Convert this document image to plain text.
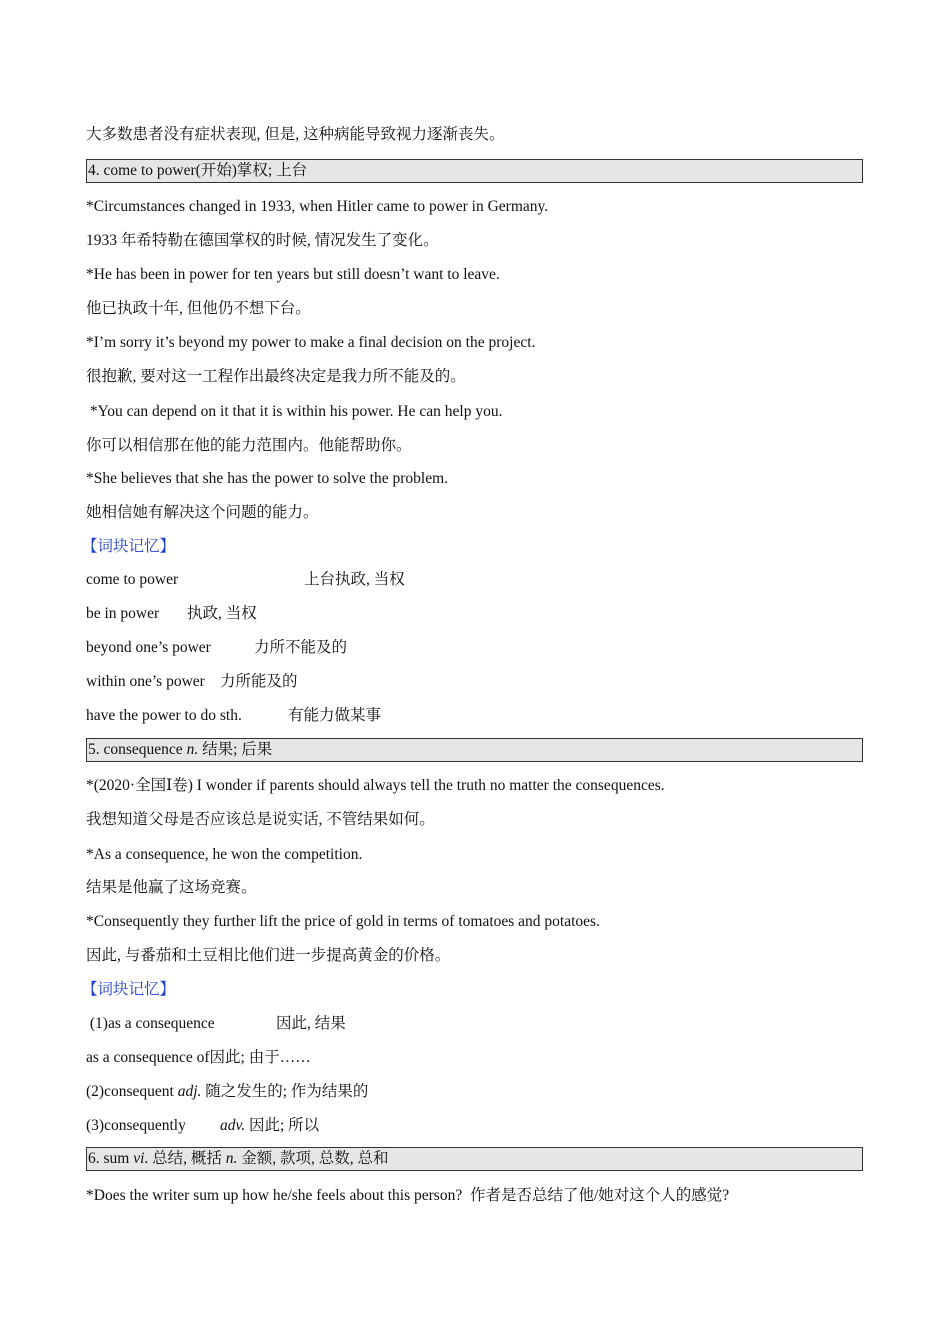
大多数患者没有症状表现, 但是, 这种病能导致视力逐渐丧失。
4. come to power(开始)掌权; 上台
*Circumstances changed in 1933, when Hitler came to power in Germany.
1933 年希特勒在德国掌权的时候, 情况发生了变化。
*He has been in power for ten years but still doesn’t want to leave.
他已执政十年, 但他仍不想下台。
*I’m sorry it’s beyond my power to make a final decision on the project.
很抱歉, 要对这一工程作出最终决定是我力所不能及的。
*You can depend on it that it is within his power. He can help you.
你可以相信那在他的能力范围内。他能帮助你。
*She believes that she has the power to solve the problem.
她相信她有解决这个问题的能力。
【词块记忆】
come to power	上台执政, 当权
be in power 执政, 当权
beyond one’s power	力所不能及的
within one’s power 力所能及的
have the power to do sth.	有能力做某事
5. consequence n. 结果; 后果
*(2020·全国Ⅰ卷) I wonder if parents should always tell the truth no matter the consequences.
我想知道父母是否应该总是说实话, 不管结果如何。
*As a consequence, he won the competition.
结果是他赢了这场竞赛。
*Consequently they further lift the price of gold in terms of tomatoes and potatoes.
因此, 与番茄和土豆相比他们进一步提高黄金的价格。
【词块记忆】
(1)as a consequence	因此, 结果
as a consequence of因此; 由于……
(2)consequent adj. 随之发生的; 作为结果的
(3)consequently adv. 因此; 所以
6. sum vi. 总结, 概括 n. 金额, 款项, 总数, 总和
*Does the writer sum up how he/she feels about this person?  作者是否总结了他/她对这个人的感觉?
